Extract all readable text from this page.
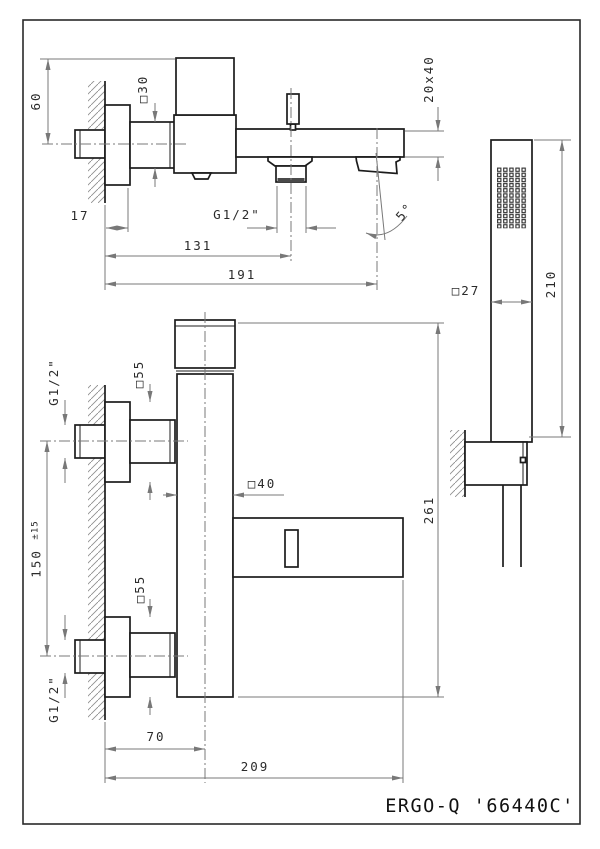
60	□30	20x40
17	G1/2"
131
191
5°
G1/2"	□55
□40
150 $^{\pm 15}$
□55
G1/2"
261
70
209
□27	210
ERGO-Q '66440C'
